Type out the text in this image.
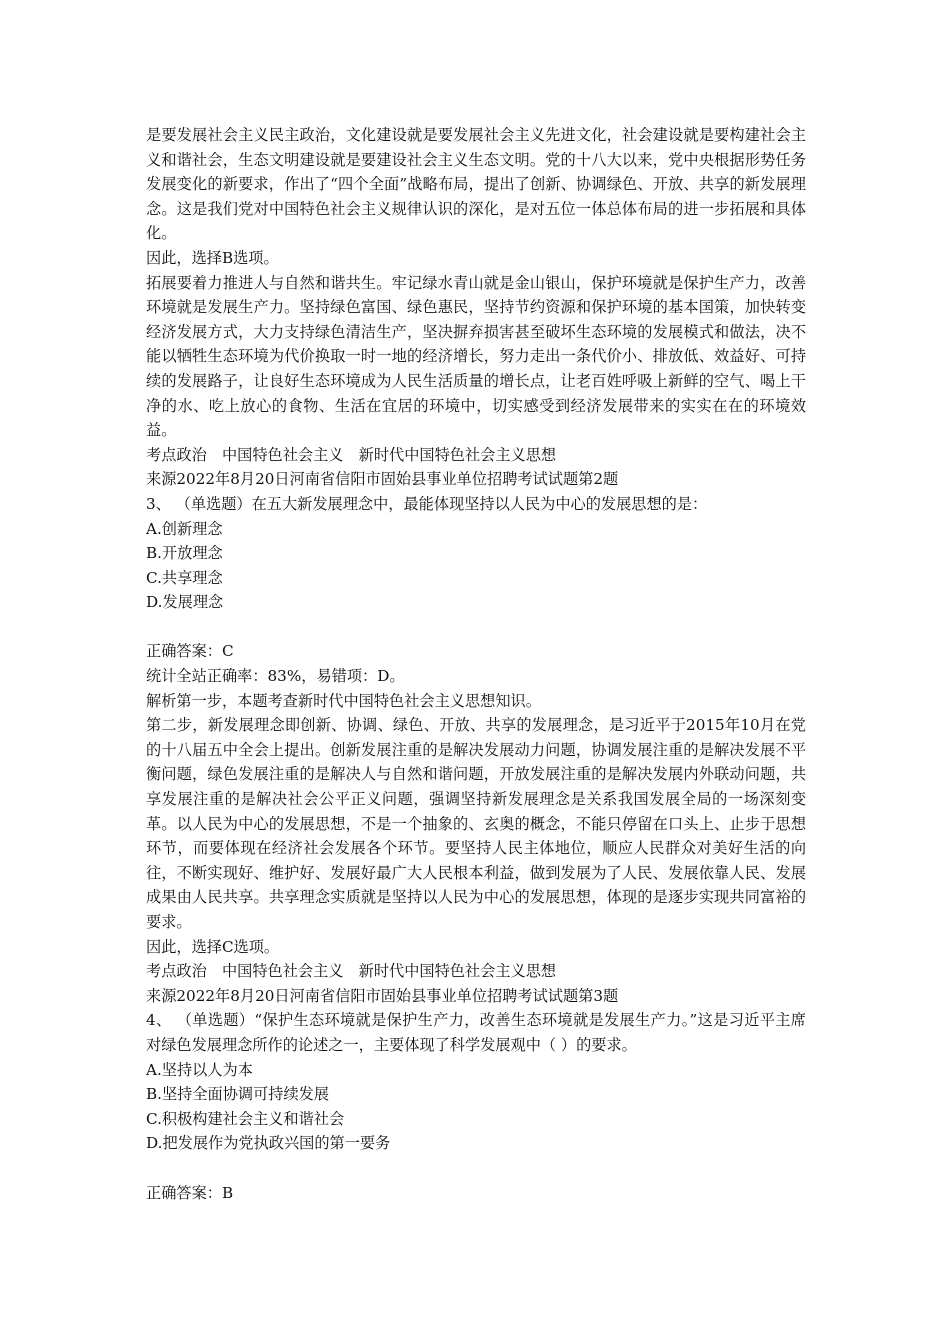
是要发展社会主义民主政治，文化建设就是要发展社会主义先进文化，社会建设就是要构建社会主义和谐社会，生态文明建设就是要建设社会主义生态文明。党的十八大以来，党中央根据形势任务发展变化的新要求，作出了“四个全面”战略布局，提出了创新、协调绿色、开放、共享的新发展理念。这是我们党对中国特色社会主义规律认识的深化，是对五位一体总体布局的进一步拓展和具体化。

因此，选择B选项。

拓展要着力推进人与自然和谐共生。牢记绿水青山就是金山银山，保护环境就是保护生产力，改善环境就是发展生产力。坚持绿色富国、绿色惠民，坚持节约资源和保护环境的基本国策，加快转变经济发展方式，大力支持绿色清洁生产，坚决摒弃损害甚至破坏生态环境的发展模式和做法，决不能以牺牲生态环境为代价换取一时一地的经济增长，努力走出一条代价小、排放低、效益好、可持续的发展路子，让良好生态环境成为人民生活质量的增长点，让老百姓呼吸上新鲜的空气、喝上干净的水、吃上放心的食物、生活在宜居的环境中，切实感受到经济发展带来的实实在在的环境效益。

考点政治　中国特色社会主义　新时代中国特色社会主义思想

来源2022年8月20日河南省信阳市固始县事业单位招聘考试试题第2题

3、 （单选题）在五大新发展理念中，最能体现坚持以人民为中心的发展思想的是：

A.创新理念
B.开放理念
C.共享理念
D.发展理念
正确答案：C
统计全站正确率：83%，易错项：D。

解析第一步，本题考查新时代中国特色社会主义思想知识。

第二步，新发展理念即创新、协调、绿色、开放、共享的发展理念，是习近平于2015年10月在党的十八届五中全会上提出。创新发展注重的是解决发展动力问题，协调发展注重的是解决发展不平衡问题，绿色发展注重的是解决人与自然和谐问题，开放发展注重的是解决发展内外联动问题，共享发展注重的是解决社会公平正义问题，强调坚持新发展理念是关系我国发展全局的一场深刻变革。以人民为中心的发展思想，不是一个抽象的、玄奥的概念，不能只停留在口头上、止步于思想环节，而要体现在经济社会发展各个环节。要坚持人民主体地位，顺应人民群众对美好生活的向往，不断实现好、维护好、发展好最广大人民根本利益，做到发展为了人民、发展依靠人民、发展成果由人民共享。共享理念实质就是坚持以人民为中心的发展思想，体现的是逐步实现共同富裕的要求。

因此，选择C选项。

考点政治　中国特色社会主义　新时代中国特色社会主义思想

来源2022年8月20日河南省信阳市固始县事业单位招聘考试试题第3题

4、 （单选题）“保护生态环境就是保护生产力，改善生态环境就是发展生产力。”这是习近平主席对绿色发展理念所作的论述之一，主要体现了科学发展观中（ ）的要求。

A.坚持以人为本
B.坚持全面协调可持续发展
C.积极构建社会主义和谐社会
D.把发展作为党执政兴国的第一要务
正确答案：B
